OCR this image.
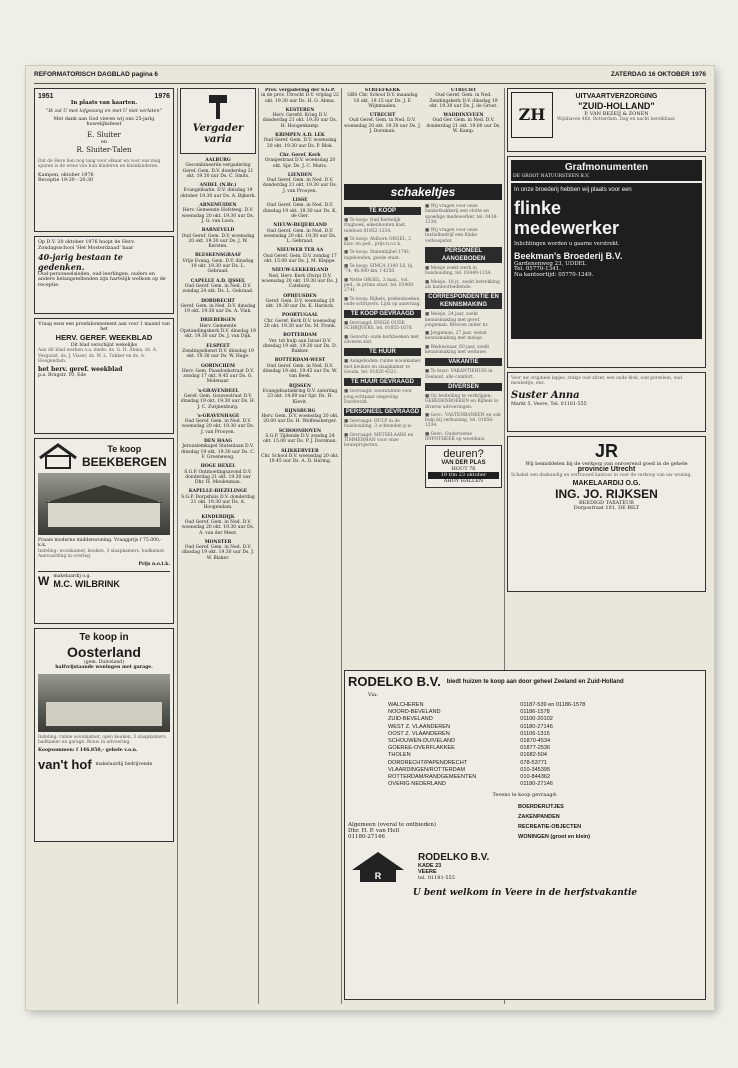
REFORMATORISCH DAGBLAD pagina 6	ZATERDAG 16 OKTOBER 1976
1951	1976
In plaats van kaarten.
"Ik zal U met lofgezang en met U niet verlaten"
Met dank aan God vieren wij ons 25-jarig huwelijksfeest
E. Sluiter
en
R. Sluiter-Talen

Dat de Here hen nog lang voor elkaar en voor ons mag sparen is de wens van hun kinderen en kleinkinderen.

Kampen, oktober 1976
Receptie 19:30 - 20:30
Op D.V. 20 oktober 1976 hoopt de Herv. Zondagsschool 'Het Mosterdzaad' haar
40-jarig bestaan te gedenken.
Oud-personeelsleden, oud-leerlingen, ouders en andere belangstellenden zijn hartelijk welkom op de receptie.
Vraag eens een proefabonnement aan voor 1 maand van het
HERV. GEREF. WEEKBLAD
Dit blad verschijnt wekelijks

Aan dit blad werken o.a. mede: ds. G. H. Abma, ds. A. Vergunst, ds. J. Visser, ds. W. L. Tukker en ds. A. Hoogendam.

het herv. geref. weekblad
p.a. Brugstr. 10, Ede
Te koop
BEEKBERGEN
Fraaie moderne middenwoning. Vraagprijs f 75.000,- k.k.

Indeling: woonkamer, keuken, 3 slaapkamers, badkamer. Aanvaarding in overleg.

Prijs n.o.t.k.
W makelaardij o.g.
M.C. WILBRINK
Te koop in
Oosterland
(gem. Duiveland)
halfvrijstaande woningen met garage.

Indeling: ruime woonkamer, open keuken, 3 slaapkamers, badkamer en garage. Bouw in uitvoering.

Koopsommen: f 146.850,- gehele v.o.n.
van't hof makelaardij bedrijvende
Vergader
varia
AALBURG
Gecombineerde vergadering Geref. Gem. D.V. donderdag 21 okt. 19.30 uur Ds. C. Smits.
ANDEL (N.Br.)
Evangelisatie. D.V. dinsdag 19 oktober 19.30 uur Ds. A. Bijkerk.
ARNEMUIDEN
Herv. Gemeente Hofsteeg. D.V. woensdag 20 okt. 19.30 uur Ds. J. G. van Loon.
BARNEVELD
Oud Geref. Gem. D.V. woensdag 20 okt. 19.30 uur Ds. J. W. Kersten.
BLESKENSGRAAF
Vrije Evang. Gem. D.V. dinsdag 19 okt. 19.30 uur Ds. L. Gebraad.
CAPELLE A.D. IJSSEL
Oud Geref. Gem. in Ned. D.V. zondag 24 okt. Ds. L. Gebraad.
DORDRECHT
Geref. Gem. in Ned. D.V. dinsdag 19 okt. 19.30 uur Ds. A. Vink.
DRIEBERGEN
Herv. Gemeente Opstandingskerk D.V. dinsdag 19 okt. 19.30 uur Ds. J. van Dijk.
ELSPEET
Zendingsdienst D.V. dinsdag 19 okt. 19.30 uur Ds. W. Hage.
GORINCHEM
Herv. Gem. Paasdonkstraat D.V. zondag 17 okt. 9.45 uur Ds. G. Molenaar.
's-GRAVENDEEL
Geref. Gem. Gouwestraat D.V. dinsdag 19 okt. 19.30 uur Ds. H. J. C. Zwijnenburg.
's-GRAVENHAGE
Oud Geref. Gem. in Ned. D.V. woensdag 20 okt. 19.30 uur Ds. J. van Prooyen.
DEN HAAG
Jeruzalemkapel Statenlaan D.V. dinsdag 19 okt. 19.30 uur Ds. C. F. Groeneweg.
HOGE HEXEL
S.G.P. Ontmoetingsavond D.V. donderdag 21 okt. 19.30 uur Dhr. H. Meulenman.
KAPELLE-BIEZELINGE
S.G.P. Dorpshuis D.V. donderdag 21 okt. 19.30 uur Ds. A. Hoogendam.
KINDERDIJK
Oud Geref. Gem. in Ned. D.V. woensdag 20 okt. 19.30 uur Ds. A. van der Meer.
MONSTER
Oud Geref. Gem. in Ned. D.V. dinsdag 19 okt. 19.30 uur Ds. J. W. Blaker.
Prov. vergadering der S.G.P.
in de prov. Utrecht D.V. vrijdag 22 okt. 19.30 uur Ds. H. G. Abma.
KESTEREN
Herv. Gerefd. Kring D.V. donderdag 21 okt. 19.30 uur Ds. H. Hoogenkamp.
KRIMPEN A.D. LEK
Oud Geref. Gem. D.V. woensdag 20 okt. 19.30 uur Ds. P. Blok.
Chr. Geref. Kerk
Oranjestraat D.V. woensdag 20 okt. Spr. Ds. J. C. Maris.
LIENDEN
Oud Geref. Gem. in Ned. D.V. donderdag 21 okt. 19.30 uur Ds. J. van Prooyen.
LISSE
Oud Geref. Gem. in Ned. D.V. dinsdag 19 okt. 19.30 uur Ds. K. de Gier.
NIEUW-BEIJERLAND
Oud Geref. Gem. in Ned. D.V. woensdag 20 okt. 19.30 uur Ds. L. Gebraad.
NIEUWER TER AA
Oud Geref. Gem. D.V. zondag 17 okt. 15.00 uur Ds. J. M. Kleppe.
NIEUW-LEKKERLAND
Ned. Herv. Kerk (Dorp) D.V. woensdag 20 okt. 19.30 uur Ds. J. Catsburg.
OPHEUSDEN
Geref. Gem. D.V. woensdag 20 okt. 19.30 uur Ds. K. Harinck.
POORTUGAAL
Chr. Geref. Kerk D.V. woensdag 20 okt. 19.30 uur Ds. M. Fronk.
ROTTERDAM
Ver. tot hulp aan Israel D.V. dinsdag 19 okt. 19.30 uur Ds. D. Bakker.
ROTTERDAM-WEST
Oud Geref. Gem. in Ned. D.V. dinsdag 19 okt. 19.45 uur Ds. W. van Beek.
RIJSSEN
Evangelisatiekring D.V. zaterdag 23 okt. 14.00 uur Spr. Ds. H. Kievit.
RIJNSBURG
Herv. Gem. D.V. woensdag 20 okt. 20.00 uur Ds. H. Wolfensberger.
SCHOONHOVEN
S.G.P. Tijdende D.V. zondag 24 okt. 15.00 uur Ds. P. J. Dorsman.
SLIKKERVEER
Chr. School D.V. woensdag 20 okt. 19.45 uur Ds. A. D. Haring.
STREEFKERK
GBS Chr. School D.V. maandag 18 okt. 19.15 uur Ds. J. F. Wijnmaalen.
UTRECHT
Oud Geref. Gem. in Ned. D.V. woensdag 20 okt. 19.30 uur Ds. J. J. Dorsman.
UTRECHT
Oud Geref. Gem. in Ned. Zendingskerk D.V. dinsdag 19 okt. 19.30 uur Ds. J. de Groot.
WADDINXVEEN
Oud Ger. Gem. in Ned. D.V. donderdag 21 okt. 19.00 uur Ds. W. Kamp.
schakeltjes
TE KOOP

■ Te koop: Oud Kerkelijk ringboek, eikenhouten kast, telefoon 01852-1234.

■ Te koop: Ahlborn ORGEL, 2 klav. en ped., prijs n.o.t.k.

■ Te koop: Statenbijbel 1741, ingebonden, goede staat.

■ Te koop: SIMCA 1100 LS, bj. '74, 46.000 km, f 4250.

■ Nette ORGEL, 2 man., vol. ped., in prima staat, tel. 03408-2741.

■ Te koop: Bijbels, prekenboeken, oude schrijvers. Lijst op aanvraag.

TE KOOP GEVRAAGD

■ Gevraagd: ENIGE OUDE SCHRIJVERS, tel. 01855-1678.

■ Gezocht: oude kerkboeken met zilveren slot.

TE HUUR

■ Aangeboden: ruime woonkamer met keuken en slaapkamer te Gouda, tel. 01820-4321.

TE HUUR GEVRAAGD

■ Gevraagd: woonruimte voor jong echtpaar omgeving Dordrecht.

PERSONEEL GEVRAAGD

■ Gevraagd: HULP in de huishouding, 3 ochtenden p.w.

■ Gevraagd: METSELAARS en TIMMERMAN voor onze bouwprojecten.

■ Wij vragen voor onze banketbakkerij een vlotte en spoedige medewerker, tel. 0418-1234.

■ Wij vragen voor onze textielbedrijf een flinke verkoopster.

PERSONEEL AANGEBODEN

■ Meisje zoekt werk in huishouding, tel. 03440-1234.

■ Meisje, 18 jr., zoekt betrekking als kantoorbediende.

CORRESPONDENTIE EN KENNISMAKING

■ Meisje, 24 jaar, zoekt kennismaking met geref. jongeman. Brieven onder nr.

■ Jongeman, 27 jaar, wenst kennismaking met meisje.

■ Weduwnaar, 60 jaar, zoekt kennismaking met weduwe.

VAKANTIE

■ Te huur: VAKANTIEHUIS in Zeeland, alle comfort.

DIVERSEN

■ Op bestelling te verkrijgen: GEBEDENBOEKEN en Bijbels in diverse uitvoeringen.

■ Gevr.: VASTENBANKEN en ook hulp bij verhuizing, tel. 01856-1234.

■ Gevr.: Ouderwetse HYPOTHEEK op woonhuis.

deuren?
VAN DER PLAS
HOUT 76
19 t/m 23 oktober
AHOY HALLEN
ZH
UITVAARTVERZORGING
"ZUID-HOLLAND"
P. VAN BEZEIJ & ZONEN

Wijnhaven 46b, Rotterdam. Dag en nacht bereikbaar.

Grafmonumenten
DE GROOT NATUURSTEEN B.V.
In onze broederij hebben wij plaats voor een
flinke
medewerker
Inlichtingen worden u gaarne verstrekt.
Beekman's Broederij B.V.
Gardenenweg 23, UDDEL
Tel. 05770-1341.
Na kantoortijd: 05770-1249.

Voor uw originele lapjes, stukje oud zilver, een oude klok, oud porselein, oud meubeltje, enz.

Suster Anna
Markt 5, Veere, Tel. 01181-555
JR
Wij bemiddelen bij de verkoop van onroerend goed in de gehele
provincie Utrecht

Schakel een deskundig en vertrouwd kantoor in voor de verkoop van uw woning.

MAKELAARDIJ O.G.
ING. JO. RIJKSEN
BEEDIGD TAXATEUR
Dorpsstraat 181, DE BILT
RODELKO B.V. biedt huizen te koop aan door geheel Zeeland en Zuid-Holland
Via:
WALCHEREN	01187-539 en 01186-1578
NOORD-BEVELAND	01186-1578
ZUID-BEVELAND	01100-20102
WEST Z. VLAANDEREN	01180-27146
OOST Z. VLAANDEREN	01106-1315
SCHOUWEN-DUIVELAND	01870-4534
GOEREE-OVERFLAKKEE	01877-2536
THOLEN	01682-504
DORDRECHT/PAPENDRECHT	078-53771
VLAARDINGEN/ROTTERDAM	010-345395
ROTTERDAM/RANDGEMEENTEN	010-844362
OVERIG NEDERLAND	01180-27146
Tevens te koop gevraagd:
Algemeen (overal te ontbieden)
Dhr. H. P. van Hell
01180-27146
BOERDERIJTJES
ZAKENPANDEN
RECREATIE-OBJECTEN
WONINGEN (groot en klein)
R
RODELKO B.V.
KADE 23
VEERE
tel. 01181-555
U bent welkom in Veere in de herfstvakantie
